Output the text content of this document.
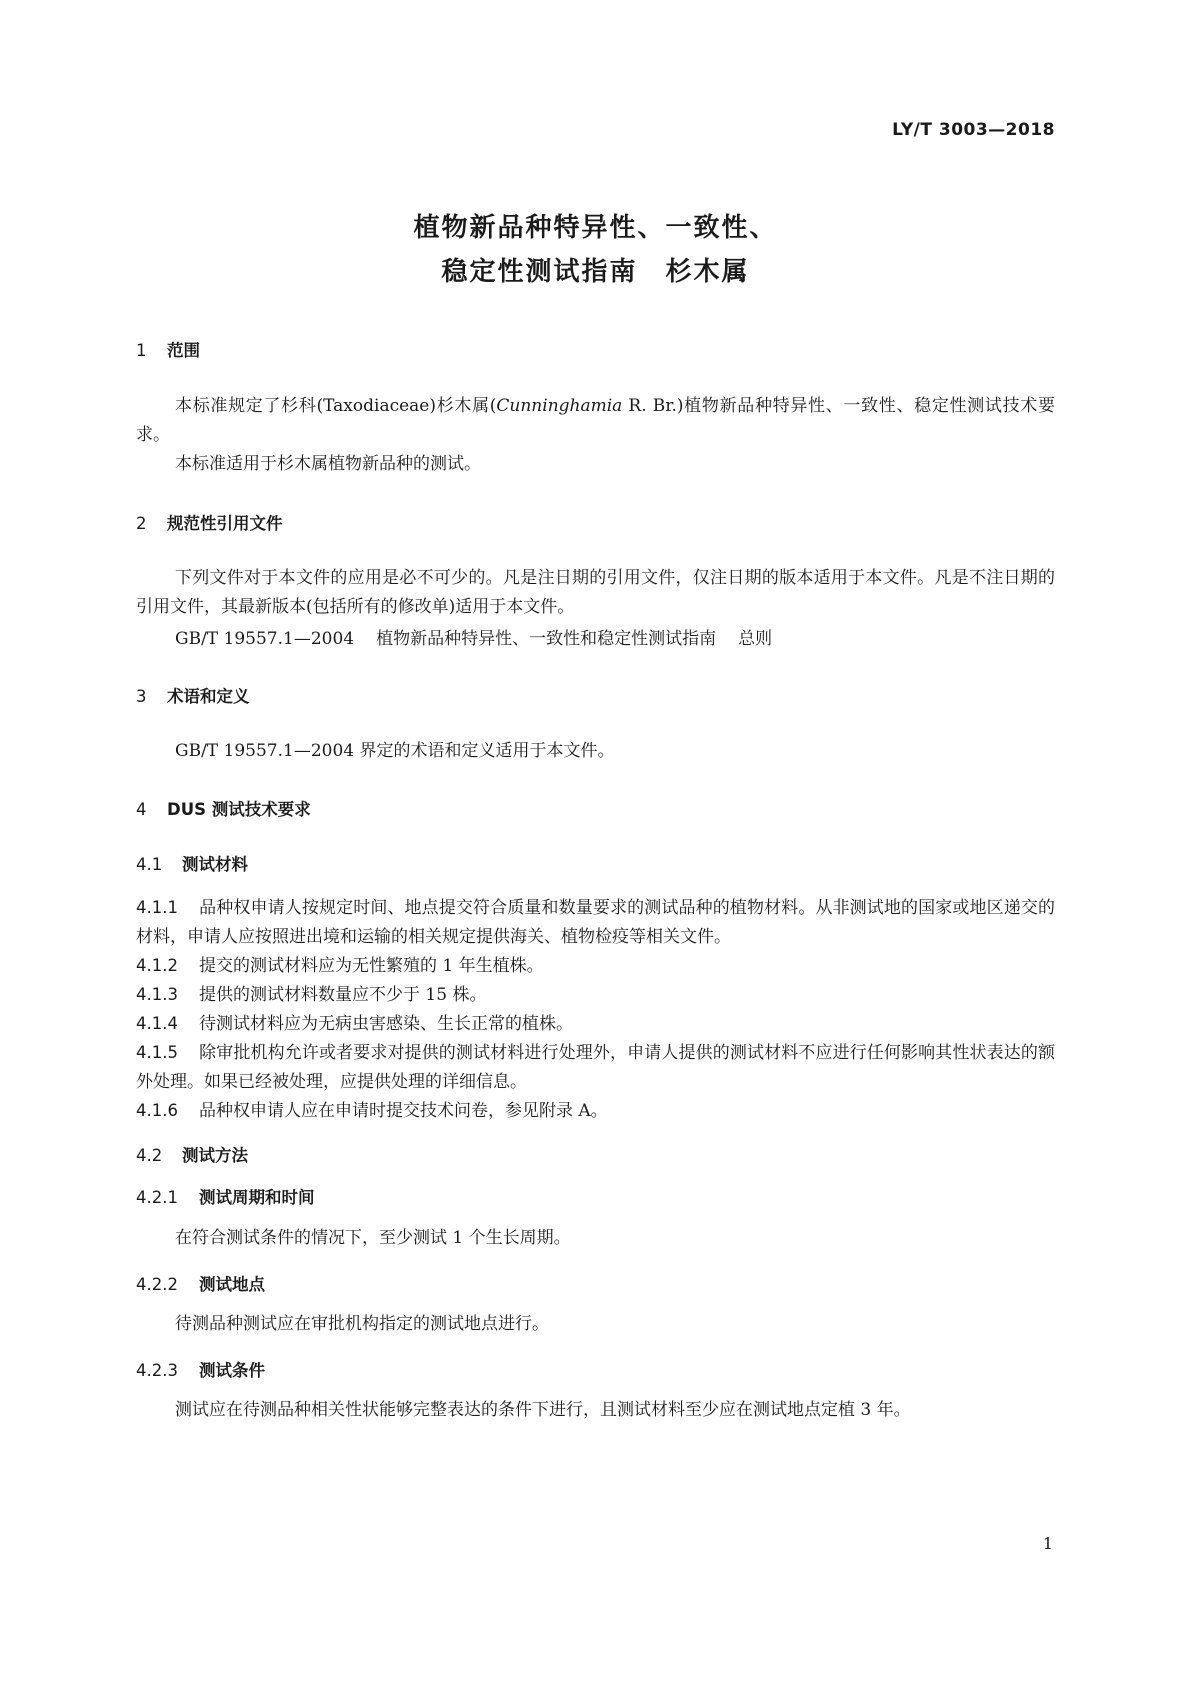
LY/T 3003—2018
植物新品种特异性、一致性、
稳定性测试指南　杉木属
1 范围
本标准规定了杉科(Taxodiaceae)杉木属(Cunninghamia R. Br.)植物新品种特异性、一致性、稳定性测试技术要求。
本标准适用于杉木属植物新品种的测试。
2 规范性引用文件
下列文件对于本文件的应用是必不可少的。凡是注日期的引用文件，仅注日期的版本适用于本文件。凡是不注日期的引用文件，其最新版本(包括所有的修改单)适用于本文件。
GB/T 19557.1—2004 植物新品种特异性、一致性和稳定性测试指南 总则
3 术语和定义
GB/T 19557.1—2004 界定的术语和定义适用于本文件。
4 DUS 测试技术要求
4.1 测试材料
4.1.1 品种权申请人按规定时间、地点提交符合质量和数量要求的测试品种的植物材料。从非测试地的国家或地区递交的材料，申请人应按照进出境和运输的相关规定提供海关、植物检疫等相关文件。
4.1.2 提交的测试材料应为无性繁殖的 1 年生植株。
4.1.3 提供的测试材料数量应不少于 15 株。
4.1.4 待测试材料应为无病虫害感染、生长正常的植株。
4.1.5 除审批机构允许或者要求对提供的测试材料进行处理外，申请人提供的测试材料不应进行任何影响其性状表达的额外处理。如果已经被处理，应提供处理的详细信息。
4.1.6 品种权申请人应在申请时提交技术问卷，参见附录 A。
4.2 测试方法
4.2.1 测试周期和时间
在符合测试条件的情况下，至少测试 1 个生长周期。
4.2.2 测试地点
待测品种测试应在审批机构指定的测试地点进行。
4.2.3 测试条件
测试应在待测品种相关性状能够完整表达的条件下进行，且测试材料至少应在测试地点定植 3 年。
1
